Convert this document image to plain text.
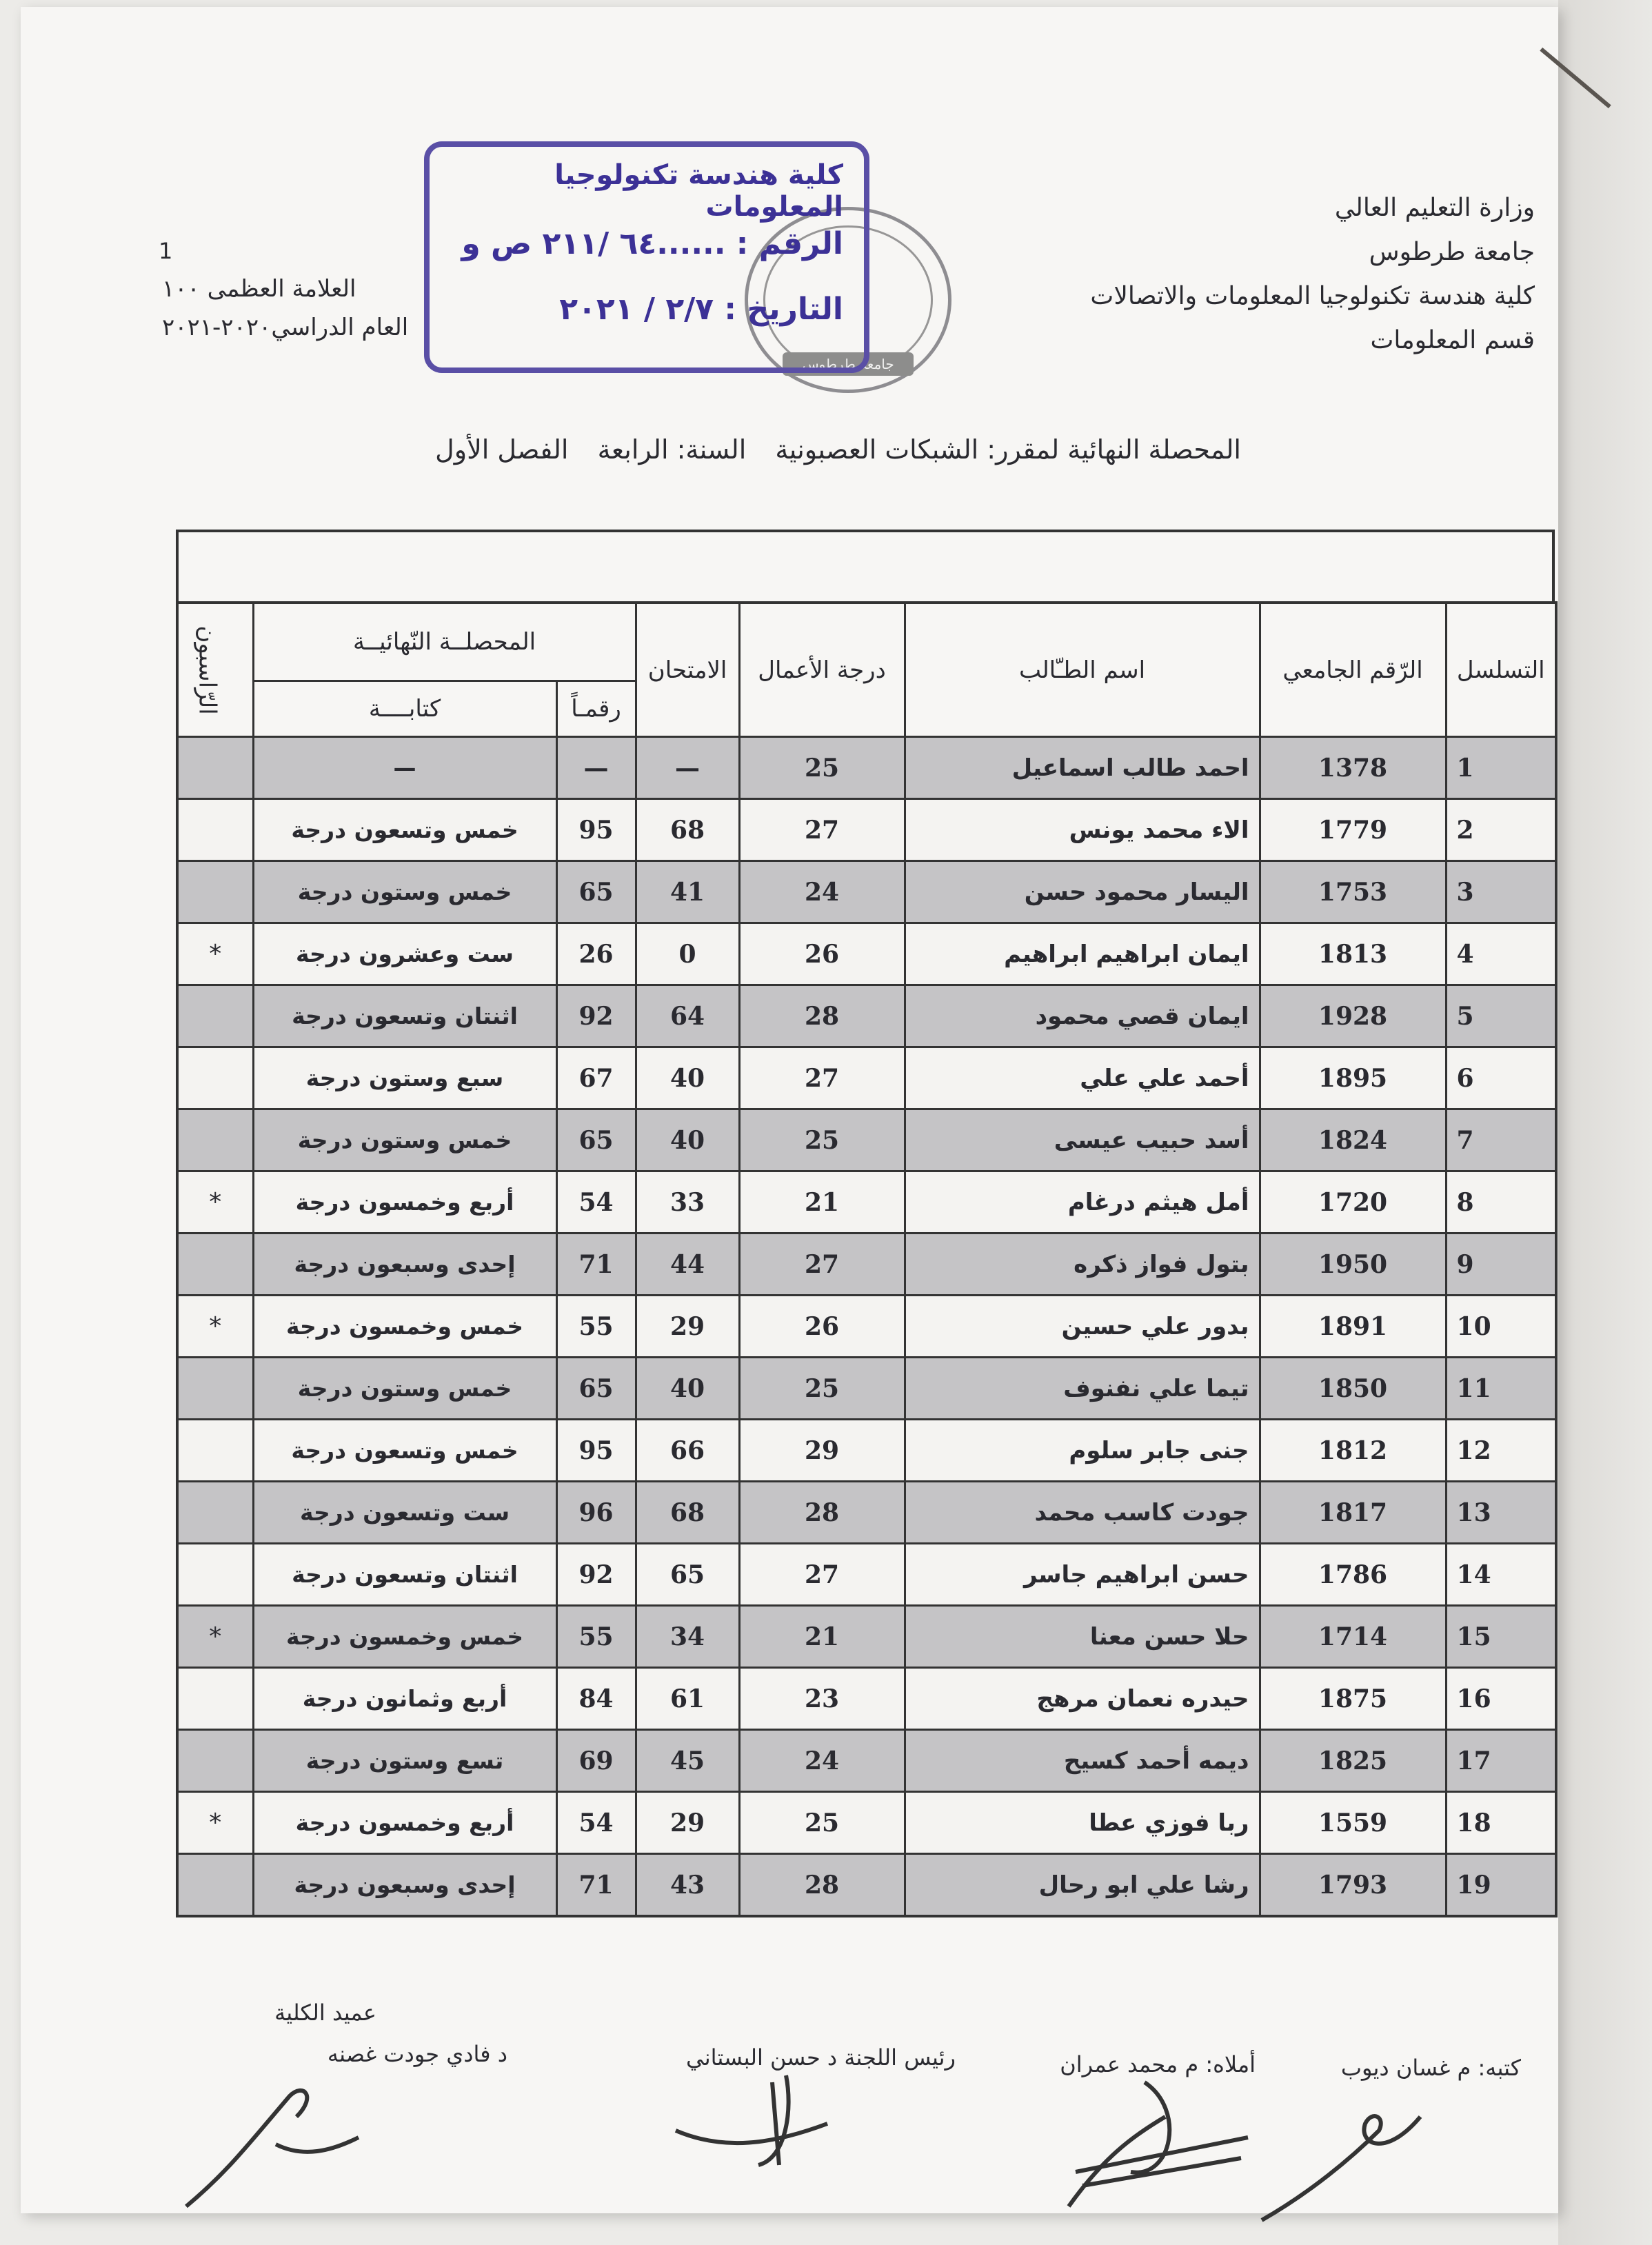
وزارة التعليم العالي
جامعة طرطوس
كلية هندسة تكنولوجيا المعلومات والاتصالات
قسم المعلومات
1
العلامة العظمى ١٠٠
العام الدراسي٢٠٢٠-٢٠٢١
جامعة طرطوس
كلية هندسة تكنولوجيا المعلومات
الرقم : ......٦٤ /٢١١ ص و
التاريخ : ٢/٧ / ٢٠٢١
المحصلة النهائية لمقرر: الشبكات العصبونية السنة: الرابعة الفصل الأول
التسلسل	الرّقم الجامعي	اسم الطـّالب	درجة الأعمال	الامتحان	المحصلــة النّهائيــة		الرّاسبون
					رقمـاً	كتابــــة	
1	1378	احمد طالب اسماعيل	25	—	—	—	
2	1779	الاء محمد يونس	27	68	95	خمس وتسعون درجة	
3	1753	اليسار محمود حسن	24	41	65	خمس وستون درجة	
4	1813	ايمان ابراهيم ابراهيم	26	0	26	ست وعشرون درجة	*
5	1928	ايمان قصي محمود	28	64	92	اثنتان وتسعون درجة	
6	1895	أحمد علي علي	27	40	67	سبع وستون درجة	
7	1824	أسد حبيب عيسى	25	40	65	خمس وستون درجة	
8	1720	أمل هيثم درغام	21	33	54	أربع وخمسون درجة	*
9	1950	بتول فواز ذكره	27	44	71	إحدى وسبعون درجة	
10	1891	بدور علي حسين	26	29	55	خمس وخمسون درجة	*
11	1850	تيما علي نفنوف	25	40	65	خمس وستون درجة	
12	1812	جنى جابر سلوم	29	66	95	خمس وتسعون درجة	
13	1817	جودت كاسب محمد	28	68	96	ست وتسعون درجة	
14	1786	حسن ابراهيم جاسر	27	65	92	اثنتان وتسعون درجة	
15	1714	حلا حسن معنا	21	34	55	خمس وخمسون درجة	*
16	1875	حيدره نعمان مرهج	23	61	84	أربع وثمانون درجة	
17	1825	ديمه أحمد كسيح	24	45	69	تسع وستون درجة	
18	1559	ربا فوزي عطا	25	29	54	أربع وخمسون درجة	*
19	1793	رشا علي ابو رحال	28	43	71	إحدى وسبعون درجة	
كتبه: م غسان ديوب
أملاه: م محمد عمران
رئيس اللجنة د حسن البستاني
عميد الكلية
د فادي جودت غصنه
